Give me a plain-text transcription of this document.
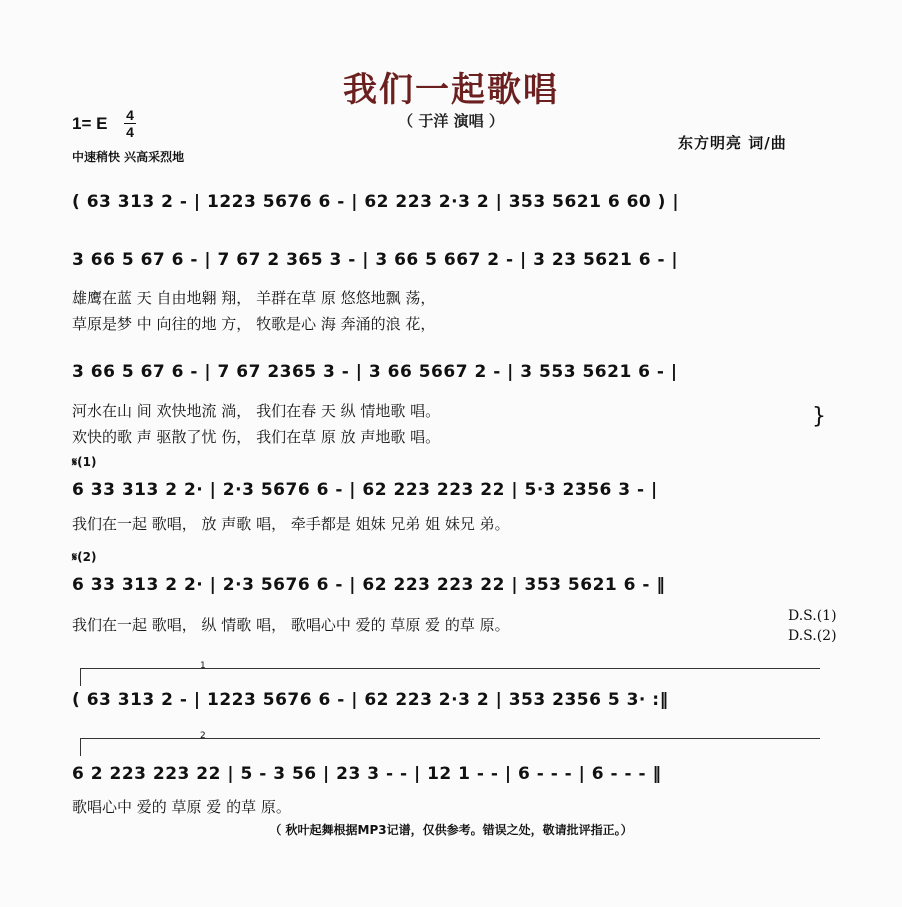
我们一起歌唱
（ 于洋 演唱 ）
1= E 4
4
中速稍快 兴高采烈地
东方明亮 词/曲
( 63 313 2 - | 1223 5676 6 - | 62 223 2·3 2 | 353 5621 6 60 ) |
3 66 5 67 6 - | 7 67 2 365 3 - | 3 66 5 667 2 - | 3 23 5621 6 - |
雄鹰在蓝 天 自由地翱 翔， 羊群在草 原 悠悠地飘 荡，
草原是梦 中 向往的地 方， 牧歌是心 海 奔涌的浪 花，
3 66 5 67 6 - | 7 67 2365 3 - | 3 66 5667 2 - | 3 553 5621 6 - |
河水在山 间 欢快地流 淌， 我们在春 天 纵 情地歌 唱。
欢快的歌 声 驱散了忧 伤， 我们在草 原 放 声地歌 唱。
}
𝄋(1)
6 33 313 2 2· | 2·3 5676 6 - | 62 223 223 22 | 5·3 2356 3 - |
我们在一起 歌唱， 放 声歌 唱， 牵手都是 姐妹 兄弟 姐 妹兄 弟。
𝄋(2)
6 33 313 2 2· | 2·3 5676 6 - | 62 223 223 22 | 353 5621 6 - ‖
我们在一起 歌唱， 纵 情歌 唱， 歌唱心中 爱的 草原 爱 的草 原。	D.S.(1)
D.S.(2)
1
( 63 313 2 - | 1223 5676 6 - | 62 223 2·3 2 | 353 2356 5 3· :‖
2
6 2 223 223 22 | 5 - 3 56 | 23 3 - - | 12 1 - - | 6 - - - | 6 - - - ‖
歌唱心中 爱的 草原 爱 的草 原。
（ 秋叶起舞根据MP3记谱，仅供参考。错误之处，敬请批评指正。）
